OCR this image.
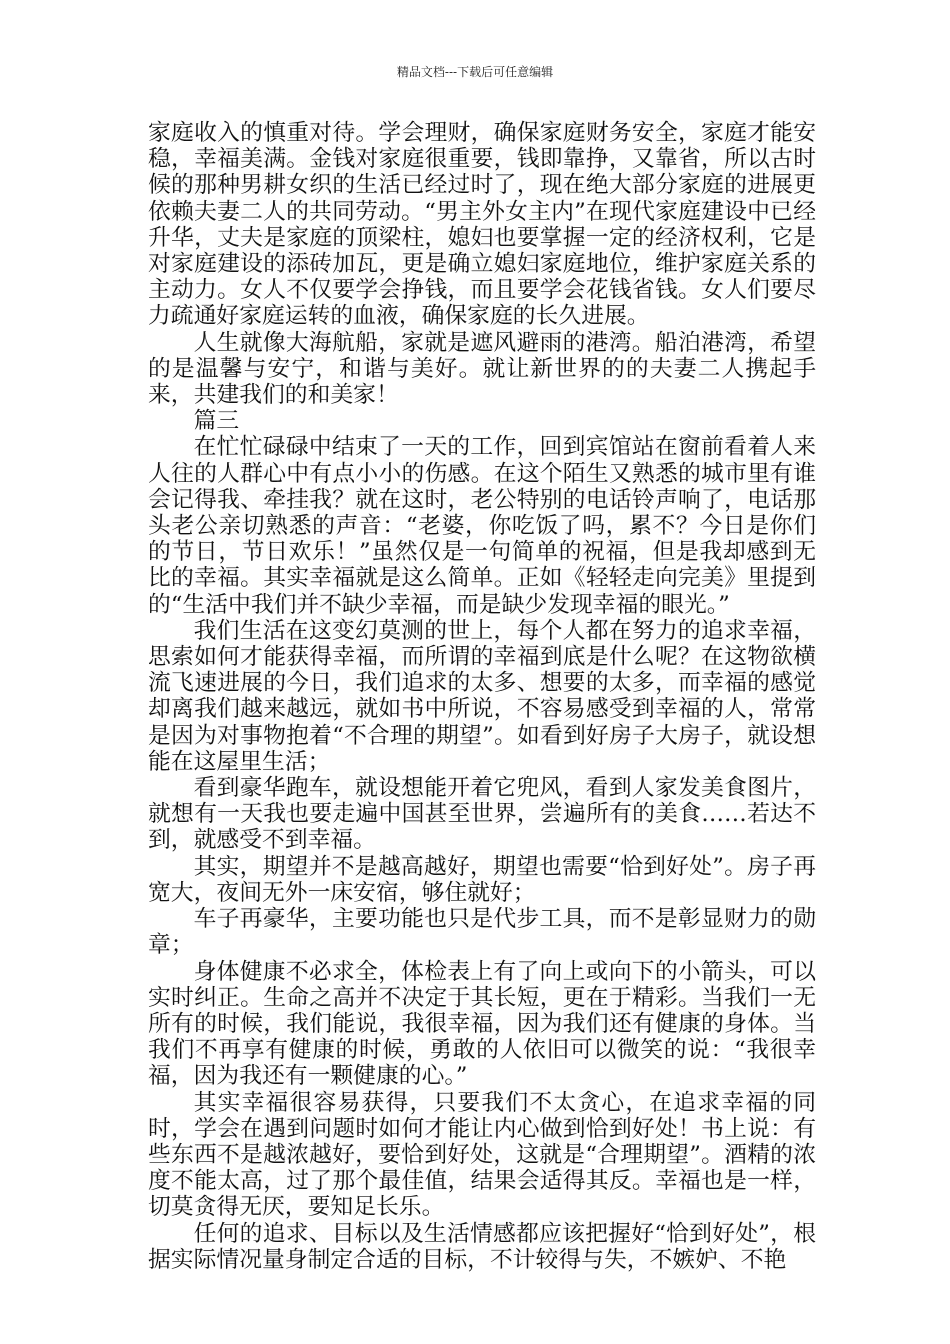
精品文档---下载后可任意编辑

家庭收入的慎重对待。学会理财，确保家庭财务安全，家庭才能安稳，幸福美满。金钱对家庭很重要，钱即靠挣，又靠省，所以古时候的那种男耕女织的生活已经过时了，现在绝大部分家庭的进展更依赖夫妻二人的共同劳动。“男主外女主内”在现代家庭建设中已经升华，丈夫是家庭的顶梁柱，媳妇也要掌握一定的经济权利，它是对家庭建设的添砖加瓦，更是确立媳妇家庭地位，维护家庭关系的主动力。女人不仅要学会挣钱，而且要学会花钱省钱。女人们要尽力疏通好家庭运转的血液，确保家庭的长久进展。

人生就像大海航船，家就是遮风避雨的港湾。船泊港湾，希望的是温馨与安宁，和谐与美好。就让新世界的的夫妻二人携起手来，共建我们的和美家！

篇三

在忙忙碌碌中结束了一天的工作，回到宾馆站在窗前看着人来人往的人群心中有点小小的伤感。在这个陌生又熟悉的城市里有谁会记得我、牵挂我？就在这时，老公特别的电话铃声响了，电话那头老公亲切熟悉的声音：“老婆，你吃饭了吗，累不？今日是你们的节日，节日欢乐！”虽然仅是一句简单的祝福，但是我却感到无比的幸福。其实幸福就是这么简单。正如《轻轻走向完美》里提到的“生活中我们并不缺少幸福，而是缺少发现幸福的眼光。”

我们生活在这变幻莫测的世上，每个人都在努力的追求幸福，思索如何才能获得幸福，而所谓的幸福到底是什么呢？在这物欲横流飞速进展的今日，我们追求的太多、想要的太多，而幸福的感觉却离我们越来越远，就如书中所说，不容易感受到幸福的人，常常是因为对事物抱着“不合理的期望”。如看到好房子大房子，就设想能在这屋里生活；

看到豪华跑车，就设想能开着它兜风，看到人家发美食图片，就想有一天我也要走遍中国甚至世界，尝遍所有的美食……若达不到，就感受不到幸福。

其实，期望并不是越高越好，期望也需要“恰到好处”。房子再宽大，夜间无外一床安宿，够住就好；

车子再豪华，主要功能也只是代步工具，而不是彰显财力的勋章；

身体健康不必求全，体检表上有了向上或向下的小箭头，可以实时纠正。生命之高并不决定于其长短，更在于精彩。当我们一无所有的时候，我们能说，我很幸福，因为我们还有健康的身体。当我们不再享有健康的时候，勇敢的人依旧可以微笑的说：“我很幸福，因为我还有一颗健康的心。”

其实幸福很容易获得，只要我们不太贪心，在追求幸福的同时，学会在遇到问题时如何才能让内心做到恰到好处！书上说：有些东西不是越浓越好，要恰到好处，这就是“合理期望”。酒精的浓度不能太高，过了那个最佳值，结果会适得其反。幸福也是一样，切莫贪得无厌，要知足长乐。

任何的追求、目标以及生活情感都应该把握好“恰到好处”，根据实际情况量身制定合适的目标，不计较得与失，不嫉妒、不艳
